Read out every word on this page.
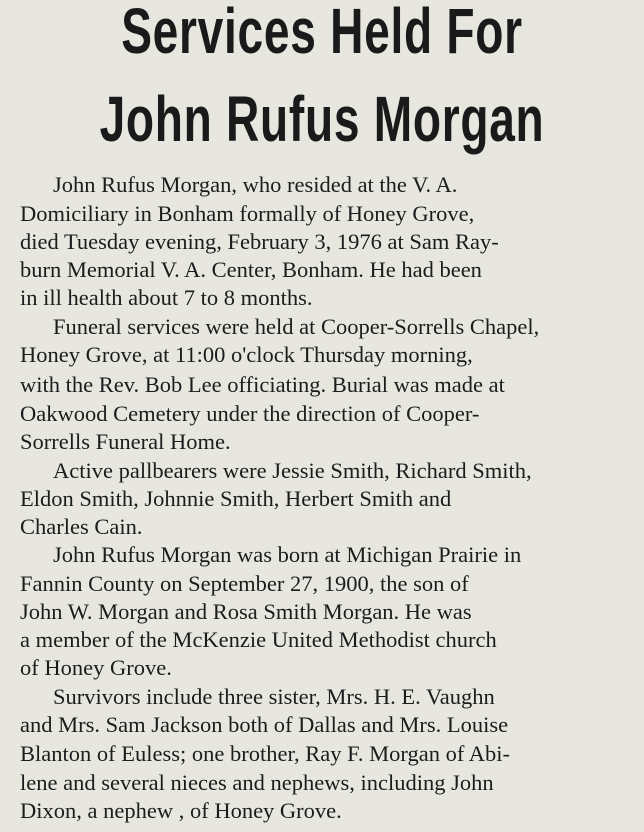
Services Held For
John Rufus Morgan
John Rufus Morgan, who resided at the V. A.
Domiciliary in Bonham formally of Honey Grove,
died Tuesday evening, February 3, 1976 at Sam Ray-
burn Memorial V. A. Center, Bonham. He had been
in ill health about 7 to 8 months.
Funeral services were held at Cooper-Sorrells Chapel,
Honey Grove, at 11:00 o'clock Thursday morning,
with the Rev. Bob Lee officiating. Burial was made at
Oakwood Cemetery under the direction of Cooper-
Sorrells Funeral Home.
Active pallbearers were Jessie Smith, Richard Smith,
Eldon Smith, Johnnie Smith, Herbert Smith and
Charles Cain.
John Rufus Morgan was born at Michigan Prairie in
Fannin County on September 27, 1900, the son of
John W. Morgan and Rosa Smith Morgan. He was
a member of the McKenzie United Methodist church
of Honey Grove.
Survivors include three sister, Mrs. H. E. Vaughn
and Mrs. Sam Jackson both of Dallas and Mrs. Louise
Blanton of Euless; one brother, Ray F. Morgan of Abi-
lene and several nieces and nephews, including John
Dixon, a nephew , of Honey Grove.
